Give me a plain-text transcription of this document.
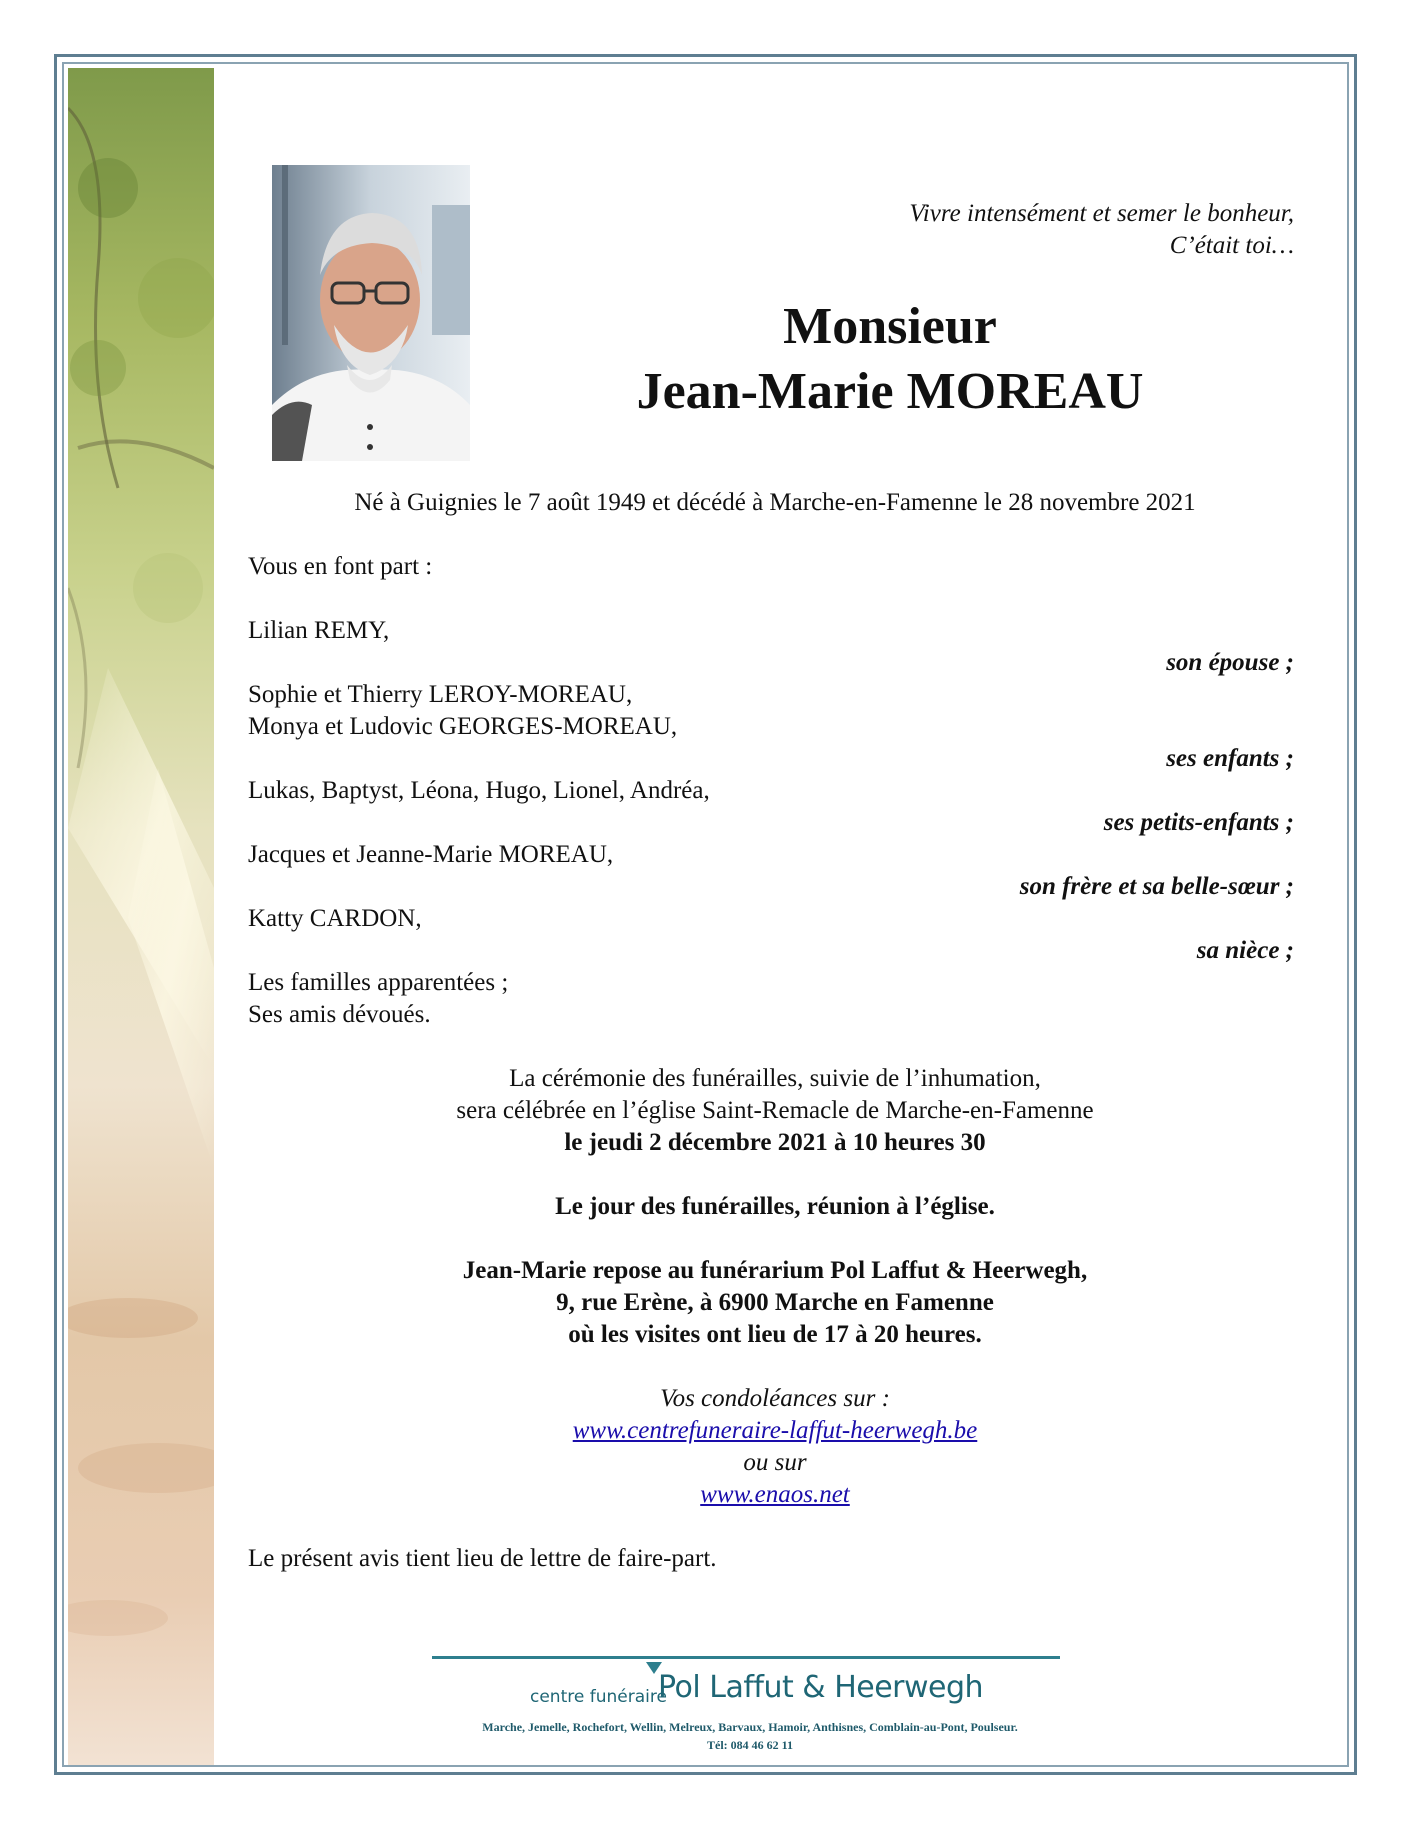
Vivre intensément et semer le bonheur,
C’était toi…
Monsieur
Jean-Marie MOREAU
Né à Guignies le 7 août 1949 et décédé à Marche-en-Famenne le 28 novembre 2021
Vous en font part :
Lilian REMY,
son épouse ;
Sophie et Thierry LEROY-MOREAU,
Monya et Ludovic GEORGES-MOREAU,
ses enfants ;
Lukas, Baptyst, Léona, Hugo, Lionel, Andréa,
ses petits-enfants ;
Jacques et Jeanne-Marie MOREAU,
son frère et sa belle-sœur ;
Katty CARDON,
sa nièce ;
Les familles apparentées ;
Ses amis dévoués.
La cérémonie des funérailles, suivie de l’inhumation,
sera célébrée en l’église Saint-Remacle de Marche-en-Famenne
le jeudi 2 décembre 2021 à 10 heures 30
Le jour des funérailles, réunion à l’église.
Jean-Marie repose au funérarium Pol Laffut & Heerwegh,
9, rue Erène, à 6900 Marche en Famenne
où les visites ont lieu de 17 à 20 heures.
Vos condoléances sur :
www.centrefuneraire-laffut-heerwegh.be
ou sur
www.enaos.net
Le présent avis tient lieu de lettre de faire-part.
centre funéraire
Pol Laffut & Heerwegh
Marche, Jemelle, Rochefort, Wellin, Melreux, Barvaux, Hamoir, Anthisnes, Comblain-au-Pont, Poulseur.
Tél: 084 46 62 11
